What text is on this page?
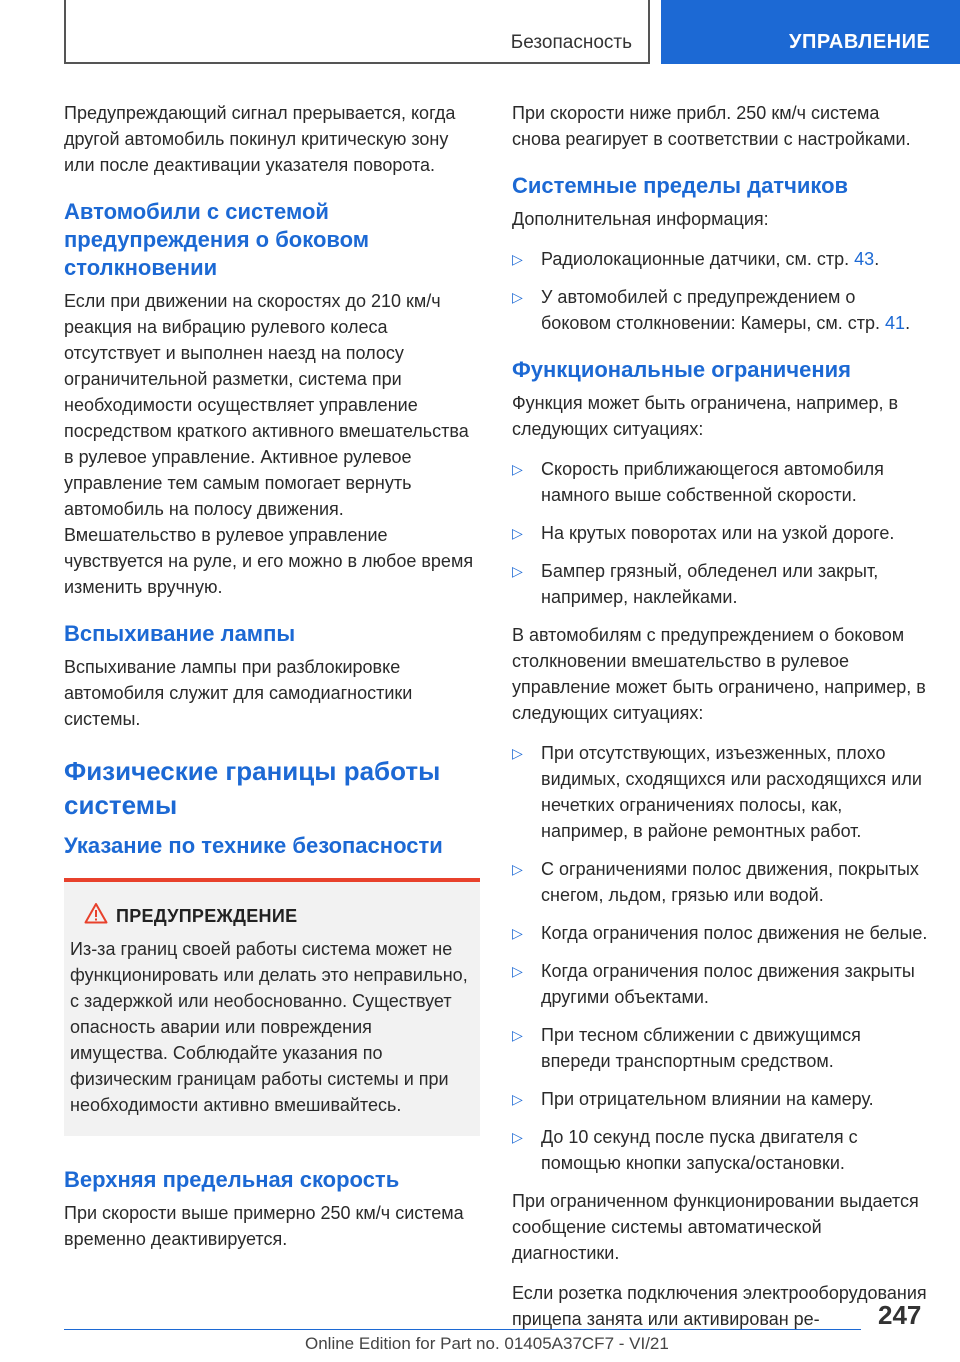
Безопасность	УПРАВЛЕНИЕ

Предупреждающий сигнал прерывается, когда другой автомобиль покинул критическую зону или после деактивации указателя поворота.

Автомобили с системой предупреждения о боковом столкновении

Если при движении на скоростях до 210 км/ч реакция на вибрацию рулевого колеса отсутствует и выполнен наезд на полосу ограничительной разметки, система при необходимости осуществляет управление посредством краткого активного вмешательства в рулевое управление. Активное рулевое управление тем самым помогает вернуть автомобиль на полосу движения. Вмешательство в рулевое управление чувствуется на руле, и его можно в любое время изменить вручную.

Вспыхивание лампы

Вспыхивание лампы при разблокировке автомобиля служит для самодиагностики системы.

Физические границы работы системы
Указание по технике безопасности
ПРЕДУПРЕЖДЕНИЕ

Из-за границ своей работы система может не функционировать или делать это неправильно, с задержкой или необоснованно. Существует опасность аварии или повреждения имущества. Соблюдайте указания по физическим границам работы системы и при необходимости активно вмешивайтесь.

Верхняя предельная скорость

При скорости выше примерно 250 км/ч система временно деактивируется.

При скорости ниже прибл. 250 км/ч система снова реагирует в соответствии с настройками.

Системные пределы датчиков

Дополнительная информация:

▷ Радиолокационные датчики, см. стр. 43.
▷ У автомобилей с предупреждением о боковом столкновении: Камеры, см. стр. 41.
Функциональные ограничения

Функция может быть ограничена, например, в следующих ситуациях:

▷ Скорость приближающегося автомобиля намного выше собственной скорости.
▷ На крутых поворотах или на узкой дороге.
▷ Бампер грязный, обледенел или закрыт, например, наклейками.

В автомобилям с предупреждением о боковом столкновении вмешательство в рулевое управление может быть ограничено, например, в следующих ситуациях:

▷ При отсутствующих, изъезженных, плохо видимых, сходящихся или расходящихся или нечетких ограничениях полосы, как, например, в районе ремонтных работ.
▷ С ограничениями полос движения, покрытых снегом, льдом, грязью или водой.
▷ Когда ограничения полос движения не белые.
▷ Когда ограничения полос движения закрыты другими объектами.
▷ При тесном сближении с движущимся впереди транспортным средством.
▷ При отрицательном влиянии на камеру.
▷ До 10 секунд после пуска двигателя с помощью кнопки запуска/остановки.

При ограниченном функционировании выдается сообщение системы автоматической диагностики.

Если розетка подключения электрооборудования прицепа занята или активирован ре-	247
Online Edition for Part no. 01405A37CF7 - VI/21
